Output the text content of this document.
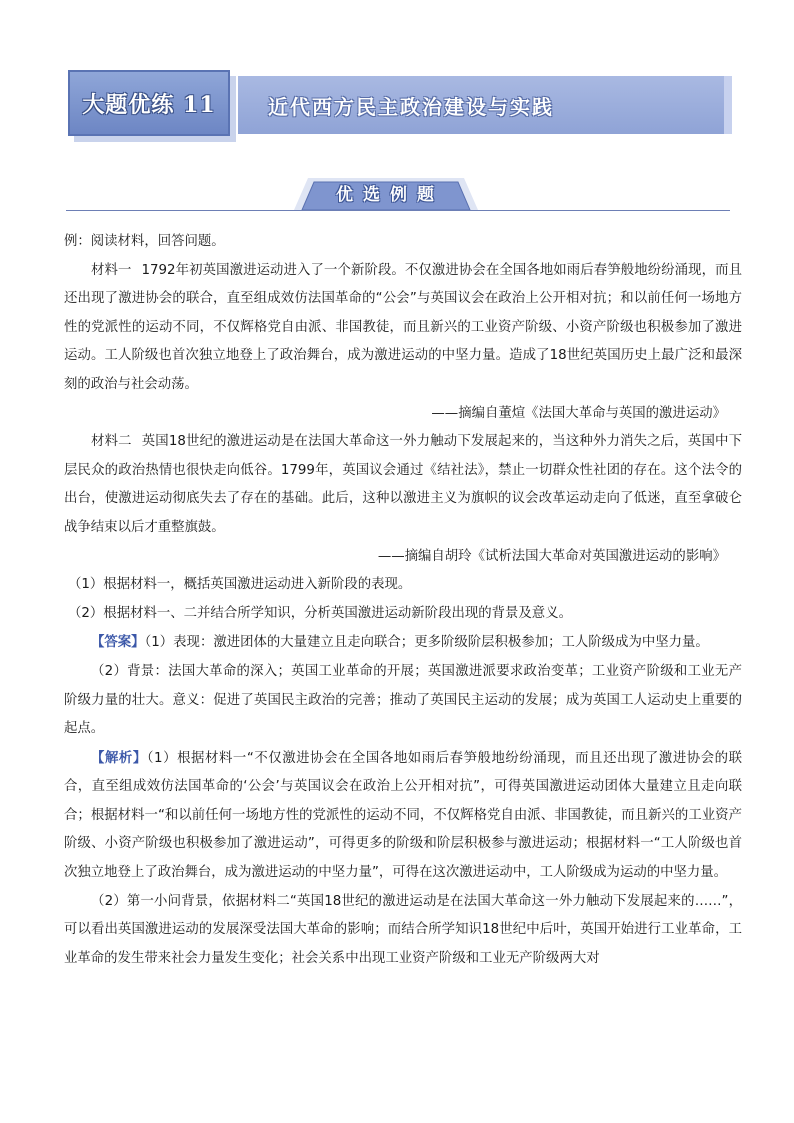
大题优练 11	近代西方民主政治建设与实践
优选例题

例：阅读材料，回答问题。

材料一 1792年初英国激进运动进入了一个新阶段。不仅激进协会在全国各地如雨后春笋般地纷纷涌现，而且还出现了激进协会的联合，直至组成效仿法国革命的“公会”与英国议会在政治上公开相对抗；和以前任何一场地方性的党派性的运动不同，不仅辉格党自由派、非国教徒，而且新兴的工业资产阶级、小资产阶级也积极参加了激进运动。工人阶级也首次独立地登上了政治舞台，成为激进运动的中坚力量。造成了18世纪英国历史上最广泛和最深刻的政治与社会动荡。

——摘编自董煊《法国大革命与英国的激进运动》

材料二 英国18世纪的激进运动是在法国大革命这一外力触动下发展起来的，当这种外力消失之后，英国中下层民众的政治热情也很快走向低谷。1799年，英国议会通过《结社法》，禁止一切群众性社团的存在。这个法令的出台，使激进运动彻底失去了存在的基础。此后，这种以激进主义为旗帜的议会改革运动走向了低迷，直至拿破仑战争结束以后才重整旗鼓。

——摘编自胡玲《试析法国大革命对英国激进运动的影响》

（1）根据材料一，概括英国激进运动进入新阶段的表现。

（2）根据材料一、二并结合所学知识，分析英国激进运动新阶段出现的背景及意义。

【答案】（1）表现：激进团体的大量建立且走向联合；更多阶级阶层积极参加；工人阶级成为中坚力量。

（2）背景：法国大革命的深入；英国工业革命的开展；英国激进派要求政治变革；工业资产阶级和工业无产阶级力量的壮大。意义：促进了英国民主政治的完善；推动了英国民主运动的发展；成为英国工人运动史上重要的起点。

【解析】（1）根据材料一“不仅激进协会在全国各地如雨后春笋般地纷纷涌现，而且还出现了激进协会的联合，直至组成效仿法国革命的‘公会’与英国议会在政治上公开相对抗”，可得英国激进运动团体大量建立且走向联合；根据材料一“和以前任何一场地方性的党派性的运动不同，不仅辉格党自由派、非国教徒，而且新兴的工业资产阶级、小资产阶级也积极参加了激进运动”，可得更多的阶级和阶层积极参与激进运动；根据材料一“工人阶级也首次独立地登上了政治舞台，成为激进运动的中坚力量”，可得在这次激进运动中，工人阶级成为运动的中坚力量。

（2）第一小问背景，依据材料二“英国18世纪的激进运动是在法国大革命这一外力触动下发展起来的……”，可以看出英国激进运动的发展深受法国大革命的影响；而结合所学知识18世纪中后叶，英国开始进行工业革命，工业革命的发生带来社会力量发生变化；社会关系中出现工业资产阶级和工业无产阶级两大对
